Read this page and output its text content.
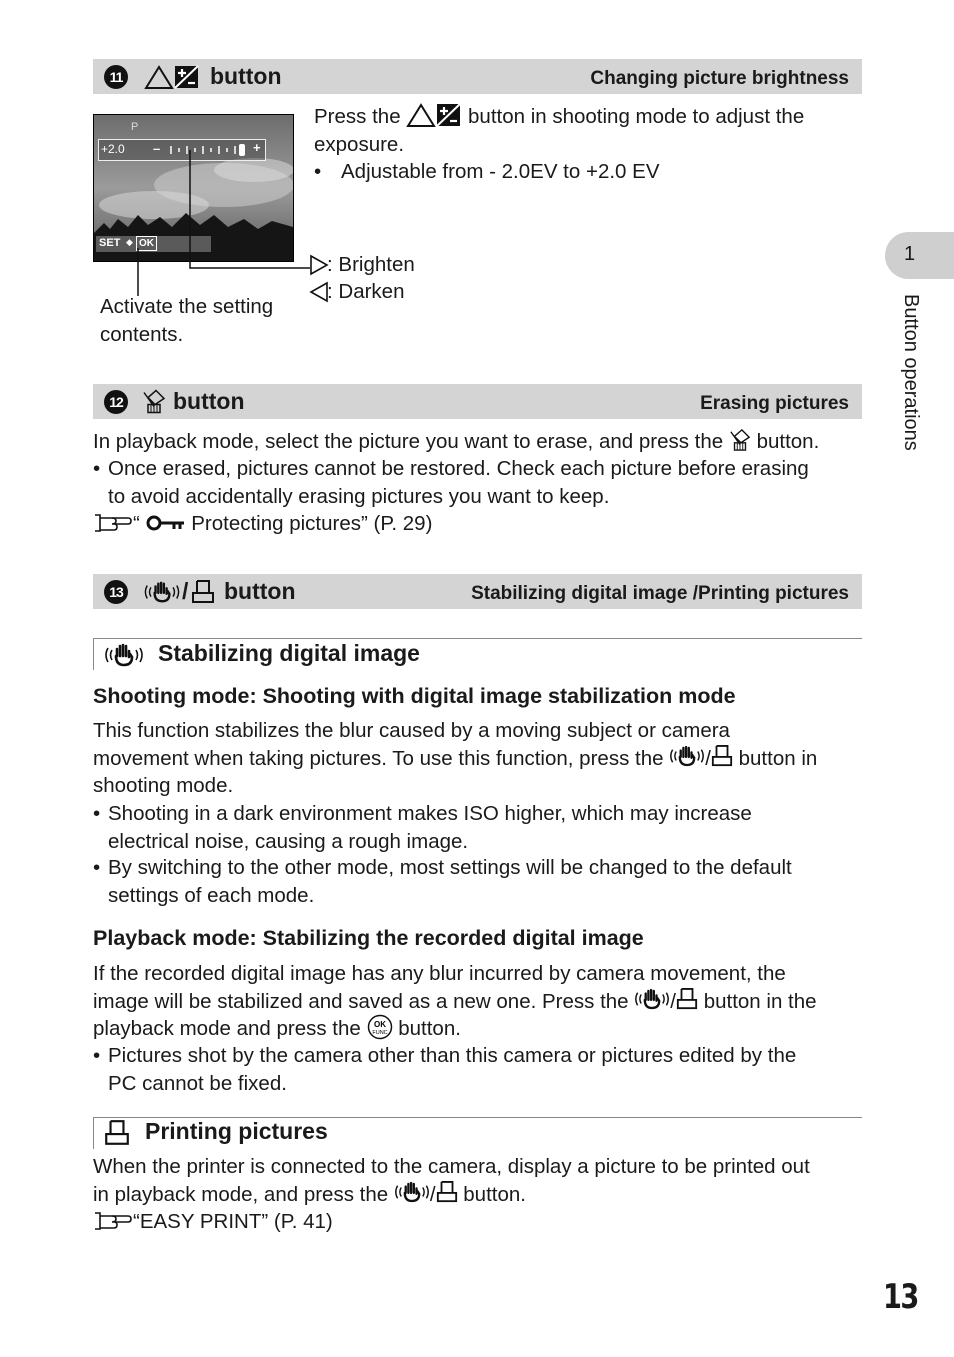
11	button	Changing picture brightness
P
+2.0 –	+
SET ◆ OK
Press the	button in shooting mode to adjust the
exposure.
• Adjustable from - 2.0EV to +2.0 EV
: Brighten
: Darken
Activate the setting
contents.
12 button	Erasing pictures
In playback mode, select the picture you want to erase, and press the button.
• Once erased, pictures cannot be restored. Check each picture before erasing
to avoid accidentally erasing pictures you want to keep.
“	Protecting pictures” (P. 29)
13	/ button	Stabilizing digital image /Printing pictures
Stabilizing digital image
Shooting mode: Shooting with digital image stabilization mode
This function stabilizes the blur caused by a moving subject or camera
movement when taking pictures. To use this function, press the / button in
shooting mode.
• Shooting in a dark environment makes ISO higher, which may increase
electrical noise, causing a rough image.
• By switching to the other mode, most settings will be changed to the default
settings of each mode.
Playback mode: Stabilizing the recorded digital image
If the recorded digital image has any blur incurred by camera movement, the
image will be stabilized and saved as a new one. Press the / button in the
playback mode and press the button.
• Pictures shot by the camera other than this camera or pictures edited by the
PC cannot be fixed.
Printing pictures
When the printer is connected to the camera, display a picture to be printed out
in playback mode, and press the / button.
“EASY PRINT” (P. 41)
1
Button operations
13
